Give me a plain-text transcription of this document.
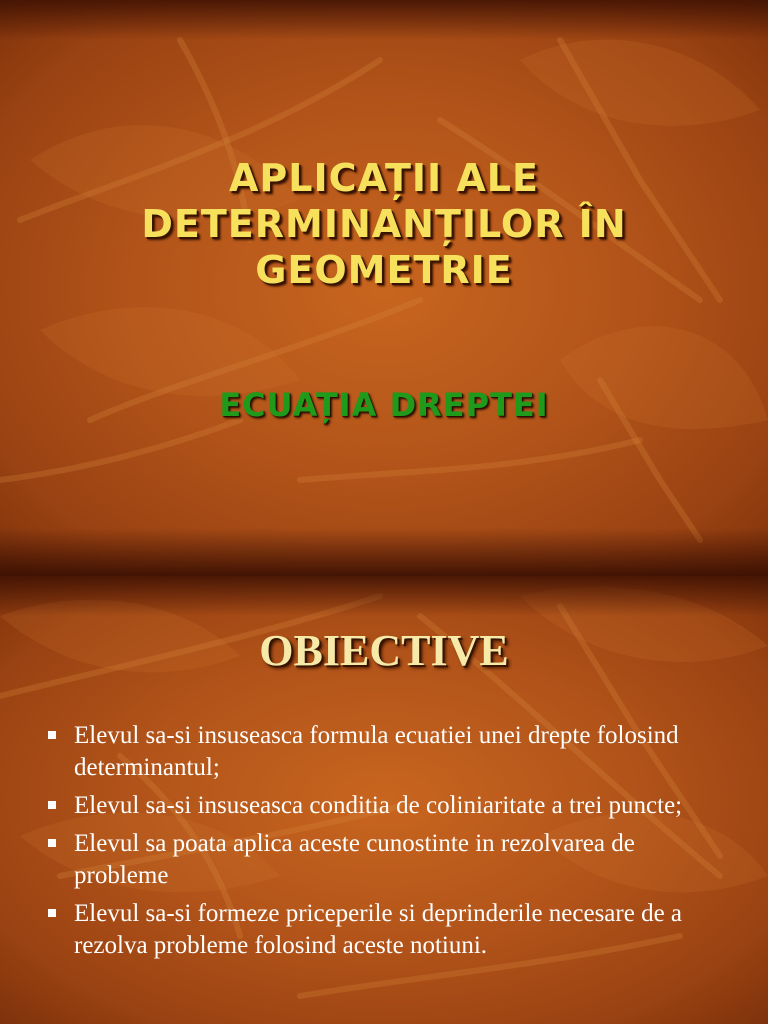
APLICAȚII ALE DETERMINANȚILOR ÎN GEOMETRIE
ECUAȚIA DREPTEI
OBIECTIVE
Elevul sa-si insuseasca formula ecuatiei unei drepte folosind determinantul;
Elevul sa-si insuseasca conditia de coliniaritate a trei puncte;
Elevul sa poata aplica aceste cunostinte in rezolvarea de probleme
Elevul sa-si formeze priceperile si deprinderile necesare de a rezolva probleme folosind aceste notiuni.
